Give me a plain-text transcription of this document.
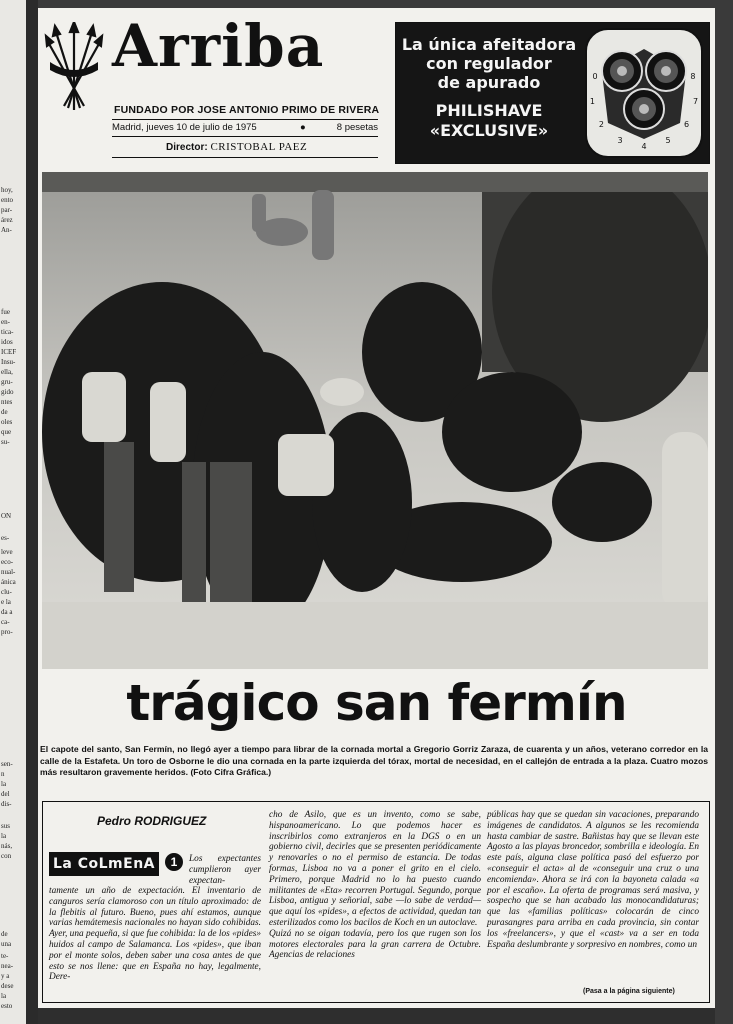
hoy,
ento
par-
árez
An-
fue
en-
tica-
idos
ICEF
Insu-
ella,
gru-
gido
ntes
de
oles
que
su-
ON
es-
leve
eco-
nual-
ánica
clu-
e la
da a
ca-
pro-
sen-
n
la
del
dis-
sus
la
nás,
con
de
una
te-
nea-
y a
dese
la
esto
Arriba
FUNDADO POR JOSE ANTONIO PRIMO DE RIVERA
Madrid, jueves 10 de julio de 1975	●	8 pesetas
Director: CRISTOBAL PAEZ
La única afeitadora
con regulador
de apurado
PHILISHAVE
«EXCLUSIVE»
0
1
2
3
4
5
6
7
8
trágico san fermín
El capote del santo, San Fermín, no llegó ayer a tiempo para librar de la cornada mortal a Gregorio Gorriz Zaraza, de cuarenta y un años, veterano corredor en la calle de la Estafeta. Un toro de Osborne le dio una cornada en la parte izquierda del tórax, mortal de necesidad, en el callejón de entrada a la plaza. Cuatro mozos más resultaron gravemente heridos. (Foto Cifra Gráfica.)
Pedro RODRIGUEZ
La CoLmEnA	1	Los expectantes cumplieron ayer expectan-
tamente un año de expectación. El inventario de canguros sería clamoroso con un título aproximado: de la flebitis al futuro. Bueno, pues ahí estamos, aunque varias hemátemesis nacionales no hayan sido cohibidas. Ayer, una pequeña, si que fue cohibida: la de los «pides» huidos al campo de Salamanca. Los «pides», que iban por el monte solos, deben saber una cosa antes de que esto se nos llene: que en España no hay, legalmente, Dere-
cho de Asilo, que es un invento, como se sabe, hispanoamericano. Lo que podemos hacer es inscribirlos como extranjeros en la DGS o en un gobierno civil, decirles que se presenten periódicamente y renovarles o no el permiso de estancia. De todas formas, Lisboa no va a poner el grito en el cielo. Primero, porque Madrid no lo ha puesto cuando militantes de «Eta» recorren Portugal. Segundo, porque Lisboa, antigua y señorial, sabe —lo sabe de verdad— que aquí los «pides», a efectos de actividad, quedan tan esterilizados como los bacilos de Koch en un autoclave.
Quizá no se oigan todavía, pero los que rugen son los motores electorales para la gran carrera de Octubre. Agencias de relaciones
públicas hay que se quedan sin vacaciones, preparando imágenes de candidatos. A algunos se les recomienda hasta cambiar de sastre. Bañistas hay que se llevan este Agosto a las playas broncedor, sombrilla e ideología. En este país, alguna clase política pasó del esfuerzo por «conseguir el acta» al de «conseguir una cruz o una encomienda». Ahora se irá con la bayoneta calada «a por el escaño». La oferta de programas será masiva, y sospecho que se han acabado las monocandidaturas; que las «familias políticas» colocarán de cinco purasangres para arriba en cada provincia, sin contar los «freelancers», y que el «cast» va a ser en toda España deslumbrante y sorpresivo en nombres, como un
(Pasa a la página siguiente)
